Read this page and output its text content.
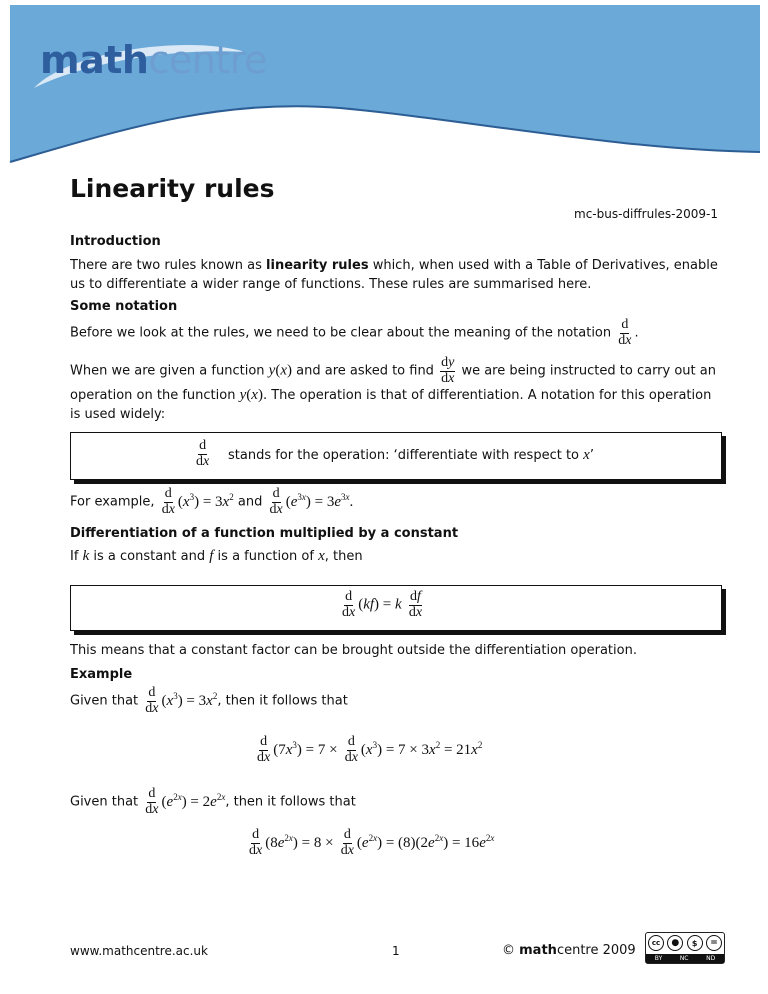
mathcentre
Linearity rules
mc-bus-diffrules-2009-1
Introduction
There are two rules known as linearity rules which, when used with a Table of Derivatives, enable us to differentiate a wider range of functions. These rules are summarised here.
Some notation
Before we look at the rules, we need to be clear about the meaning of the notation $\frac{d}{dx}$ .
When we are given a function y(x) and are asked to find $\frac{dy}{dx}$ we are being instructed to carry out an operation on the function y(x). The operation is that of differentiation. A notation for this operation is used widely:
$\frac{d}{dx}$ stands for the operation: ‘differentiate with respect to x’
For example, $\frac{d}{dx} (x^3) = 3x^2$ and $\frac{d}{dx} (e^{3x}) = 3e^{3x}$.
Differentiation of a function multiplied by a constant
If k is a constant and f is a function of x, then
$\frac{d}{dx} (kf) = k \frac{df}{dx}$
This means that a constant factor can be brought outside the differentiation operation.
Example
Given that $\frac{d}{dx} (x^3) = 3x^2$, then it follows that
$\frac{d}{dx} (7x^3) = 7 \times \frac{d}{dx} (x^3) = 7 \times 3x^2 = 21x^2$
Given that $\frac{d}{dx} (e^{2x}) = 2e^{2x}$, then it follows that
$\frac{d}{dx} (8e^{2x}) = 8 \times \frac{d}{dx} (e^{2x}) = (8)(2e^{2x}) = 16e^{2x}$
www.mathcentre.ac.uk	1	© mathcentre 2009	cc	●	$	=
BY	NC	ND
